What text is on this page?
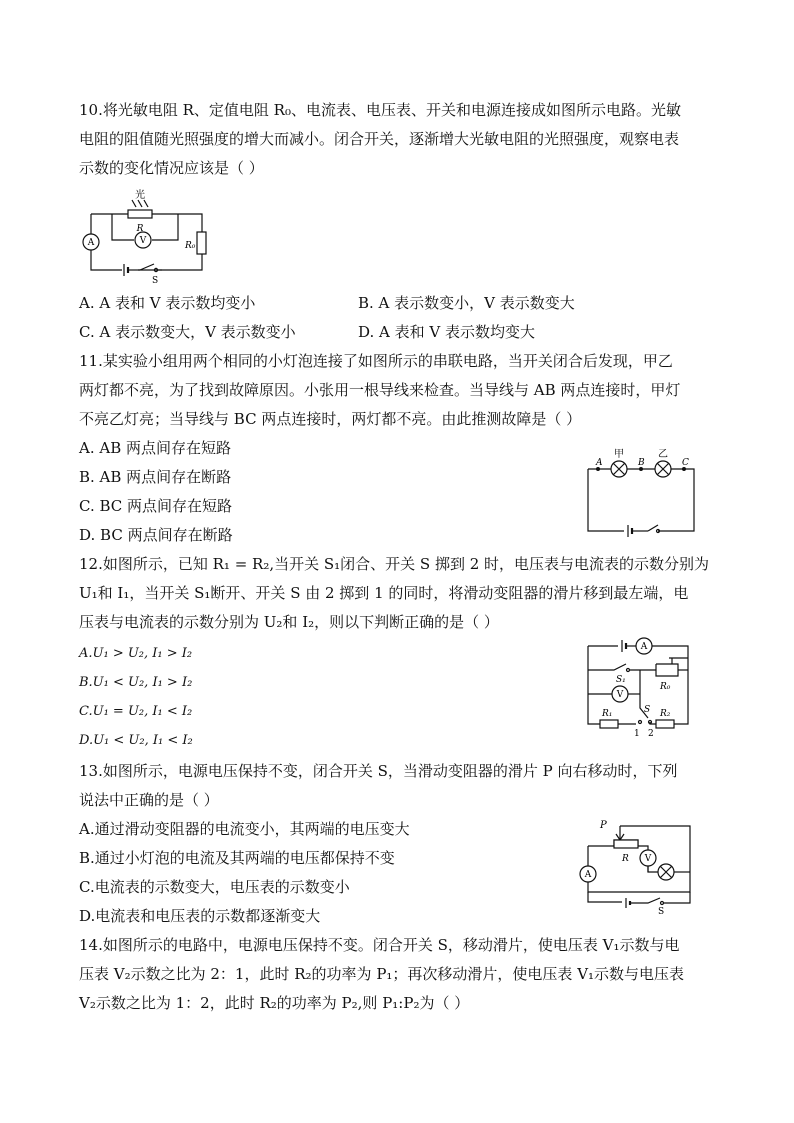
10.将光敏电阻 R、定值电阻 R₀、电流表、电压表、开关和电源连接成如图所示电路。光敏
电阻的阻值随光照强度的增大而减小。闭合开关，逐渐增大光敏电阻的光照强度，观察电表
示数的变化情况应该是（ ）
光
R
R₀
A	V
S
A. A 表和 V 表示数均变小	B. A 表示数变小，V 表示数变大
C. A 表示数变大，V 表示数变小	D. A 表和 V 表示数均变大
11.某实验小组用两个相同的小灯泡连接了如图所示的串联电路，当开关闭合后发现，甲乙
两灯都不亮，为了找到故障原因。小张用一根导线来检查。当导线与 AB 两点连接时，甲灯
不亮乙灯亮；当导线与 BC 两点连接时，两灯都不亮。由此推测故障是（ ）
A. AB 两点间存在短路
B. AB 两点间存在断路
C. BC 两点间存在短路
D. BC 两点间存在断路
A	B	C
甲	乙
12.如图所示，已知 R₁ = R₂,当开关 S₁闭合、开关 S 掷到 2 时，电压表与电流表的示数分别为
U₁和 I₁，当开关 S₁断开、开关 S 由 2 掷到 1 的同时，将滑动变阻器的滑片移到最左端，电
压表与电流表的示数分别为 U₂和 I₂，则以下判断正确的是（ ）
A.U₁ > U₂, I₁ > I₂
B.U₁ < U₂, I₁ > I₂
C.U₁ = U₂, I₁ < I₂
D.U₁ < U₂, I₁ < I₂
A
V
S₁
S
R₀
R₁	R₂
1 2
13.如图所示，电源电压保持不变，闭合开关 S，当滑动变阻器的滑片 P 向右移动时，下列
说法中正确的是（ ）
A.通过滑动变阻器的电流变小，其两端的电压变大
B.通过小灯泡的电流及其两端的电压都保持不变
C.电流表的示数变大，电压表的示数变小
D.电流表和电压表的示数都逐渐变大
P
R
A
V
S
14.如图所示的电路中，电源电压保持不变。闭合开关 S，移动滑片，使电压表 V₁示数与电
压表 V₂示数之比为 2：1，此时 R₂的功率为 P₁；再次移动滑片，使电压表 V₁示数与电压表
V₂示数之比为 1：2，此时 R₂的功率为 P₂,则 P₁:P₂为（ ）
